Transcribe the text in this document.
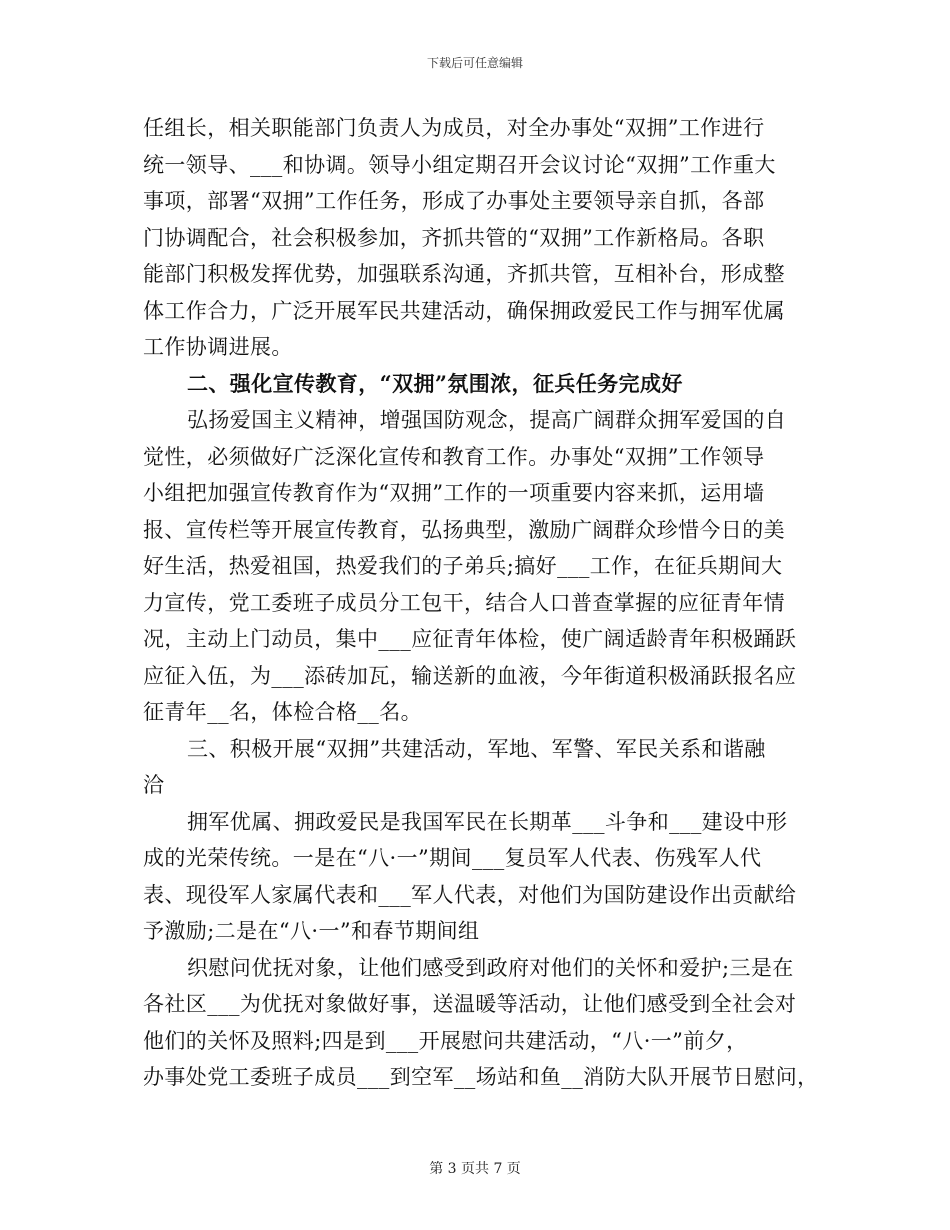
下载后可任意编辑
任组长，相关职能部门负责人为成员，对全办事处“双拥”工作进行
统一领导、___和协调。领导小组定期召开会议讨论“双拥”工作重大
事项，部署“双拥”工作任务，形成了办事处主要领导亲自抓，各部
门协调配合，社会积极参加，齐抓共管的“双拥”工作新格局。各职
能部门积极发挥优势，加强联系沟通，齐抓共管，互相补台，形成整
体工作合力，广泛开展军民共建活动，确保拥政爱民工作与拥军优属
工作协调进展。
二、强化宣传教育，“双拥”氛围浓，征兵任务完成好
弘扬爱国主义精神，增强国防观念，提高广阔群众拥军爱国的自
觉性，必须做好广泛深化宣传和教育工作。办事处“双拥”工作领导
小组把加强宣传教育作为“双拥”工作的一项重要内容来抓，运用墙
报、宣传栏等开展宣传教育，弘扬典型，激励广阔群众珍惜今日的美
好生活，热爱祖国，热爱我们的子弟兵;搞好___工作，在征兵期间大
力宣传，党工委班子成员分工包干，结合人口普查掌握的应征青年情
况，主动上门动员，集中___应征青年体检，使广阔适龄青年积极踊跃
应征入伍，为___添砖加瓦，输送新的血液，今年街道积极涌跃报名应
征青年__名，体检合格__名。
三、积极开展“双拥”共建活动，军地、军警、军民关系和谐融
洽
拥军优属、拥政爱民是我国军民在长期革___斗争和___建设中形
成的光荣传统。一是在“八·一”期间___复员军人代表、伤残军人代
表、现役军人家属代表和___军人代表，对他们为国防建设作出贡献给
予激励;二是在“八·一”和春节期间组
织慰问优抚对象，让他们感受到政府对他们的关怀和爱护;三是在
各社区___为优抚对象做好事，送温暖等活动，让他们感受到全社会对
他们的关怀及照料;四是到___开展慰问共建活动，“八·一”前夕，
办事处党工委班子成员___到空军__场站和鱼__消防大队开展节日慰问，
第 3 页共 7 页
